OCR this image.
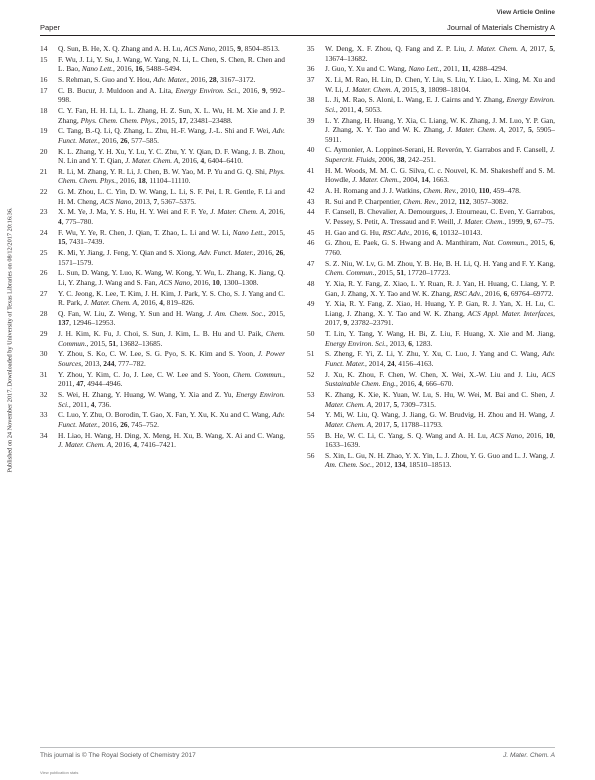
View Article Online
Paper	Journal of Materials Chemistry A
Published on 24 November 2017. Downloaded by University of Texas Libraries on 08/12/2017 20:16:36.
14	Q. Sun, B. He, X. Q. Zhang and A. H. Lu, ACS Nano, 2015, 9, 8504–8513.
15	F. Wu, J. Li, Y. Su, J. Wang, W. Yang, N. Li, L. Chen, S. Chen, R. Chen and L. Bao, Nano Lett., 2016, 16, 5488–5494.
16	S. Rehman, S. Guo and Y. Hou, Adv. Mater., 2016, 28, 3167–3172.
17	C. B. Bucur, J. Muldoon and A. Lita, Energy Environ. Sci., 2016, 9, 992–998.
18	C. Y. Fan, H. H. Li, L. L. Zhang, H. Z. Sun, X. L. Wu, H. M. Xie and J. P. Zhang, Phys. Chem. Chem. Phys., 2015, 17, 23481–23488.
19	C. Tang, B.-Q. Li, Q. Zhang, L. Zhu, H.-F. Wang, J.-L. Shi and F. Wei, Adv. Funct. Mater., 2016, 26, 577–585.
20	K. L. Zhang, Y. H. Xu, Y. Lu, Y. C. Zhu, Y. Y. Qian, D. F. Wang, J. B. Zhou, N. Lin and Y. T. Qian, J. Mater. Chem. A, 2016, 4, 6404–6410.
21	R. Li, M. Zhang, Y. R. Li, J. Chen, B. W. Yao, M. P. Yu and G. Q. Shi, Phys. Chem. Chem. Phys., 2016, 18, 11104–11110.
22	G. M. Zhou, L. C. Yin, D. W. Wang, L. Li, S. F. Pei, I. R. Gentle, F. Li and H. M. Cheng, ACS Nano, 2013, 7, 5367–5375.
23	X. M. Ye, J. Ma, Y. S. Hu, H. Y. Wei and F. F. Ye, J. Mater. Chem. A, 2016, 4, 775–780.
24	F. Wu, Y. Ye, R. Chen, J. Qian, T. Zhao, L. Li and W. Li, Nano Lett., 2015, 15, 7431–7439.
25	K. Mi, Y. Jiang, J. Feng, Y. Qian and S. Xiong, Adv. Funct. Mater., 2016, 26, 1571–1579.
26	L. Sun, D. Wang, Y. Luo, K. Wang, W. Kong, Y. Wu, L. Zhang, K. Jiang, Q. Li, Y. Zhang, J. Wang and S. Fan, ACS Nano, 2016, 10, 1300–1308.
27	Y. C. Jeong, K. Lee, T. Kim, J. H. Kim, J. Park, Y. S. Cho, S. J. Yang and C. R. Park, J. Mater. Chem. A, 2016, 4, 819–826.
28	Q. Fan, W. Liu, Z. Weng, Y. Sun and H. Wang, J. Am. Chem. Soc., 2015, 137, 12946–12953.
29	J. H. Kim, K. Fu, J. Choi, S. Sun, J. Kim, L. B. Hu and U. Paik, Chem. Commun., 2015, 51, 13682–13685.
30	Y. Zhou, S. Ko, C. W. Lee, S. G. Pyo, S. K. Kim and S. Yoon, J. Power Sources, 2013, 244, 777–782.
31	Y. Zhou, Y. Kim, C. Jo, J. Lee, C. W. Lee and S. Yoon, Chem. Commun., 2011, 47, 4944–4946.
32	S. Wei, H. Zhang, Y. Huang, W. Wang, Y. Xia and Z. Yu, Energy Environ. Sci., 2011, 4, 736.
33	C. Luo, Y. Zhu, O. Borodin, T. Gao, X. Fan, Y. Xu, K. Xu and C. Wang, Adv. Funct. Mater., 2016, 26, 745–752.
34	H. Liao, H. Wang, H. Ding, X. Meng, H. Xu, B. Wang, X. Ai and C. Wang, J. Mater. Chem. A, 2016, 4, 7416–7421.
35	W. Deng, X. F. Zhou, Q. Fang and Z. P. Liu, J. Mater. Chem. A, 2017, 5, 13674–13682.
36	J. Guo, Y. Xu and C. Wang, Nano Lett., 2011, 11, 4288–4294.
37	X. Li, M. Rao, H. Lin, D. Chen, Y. Liu, S. Liu, Y. Liao, L. Xing, M. Xu and W. Li, J. Mater. Chem. A, 2015, 3, 18098–18104.
38	L. Ji, M. Rao, S. Aloni, L. Wang, E. J. Cairns and Y. Zhang, Energy Environ. Sci., 2011, 4, 5053.
39	L. Y. Zhang, H. Huang, Y. Xia, C. Liang, W. K. Zhang, J. M. Luo, Y. P. Gan, J. Zhang, X. Y. Tao and W. K. Zhang, J. Mater. Chem. A, 2017, 5, 5905–5911.
40	C. Aymonier, A. Loppinet-Serani, H. Reverón, Y. Garrabos and F. Cansell, J. Supercrit. Fluids, 2006, 38, 242–251.
41	H. M. Woods, M. M. C. G. Silva, C. c. Nouvel, K. M. Shakesheff and S. M. Howdle, J. Mater. Chem., 2004, 14, 1663.
42	A. H. Romang and J. J. Watkins, Chem. Rev., 2010, 110, 459–478.
43	R. Sui and P. Charpentier, Chem. Rev., 2012, 112, 3057–3082.
44	F. Cansell, B. Chevalier, A. Demourgues, J. Etourneau, C. Even, Y. Garrabos, V. Pessey, S. Petit, A. Tressaud and F. Weill, J. Mater. Chem., 1999, 9, 67–75.
45	H. Gao and G. Hu, RSC Adv., 2016, 6, 10132–10143.
46	G. Zhou, E. Paek, G. S. Hwang and A. Manthiram, Nat. Commun., 2015, 6, 7760.
47	S. Z. Niu, W. Lv, G. M. Zhou, Y. B. He, B. H. Li, Q. H. Yang and F. Y. Kang, Chem. Commun., 2015, 51, 17720–17723.
48	Y. Xia, R. Y. Fang, Z. Xiao, L. Y. Ruan, R. J. Yan, H. Huang, C. Liang, Y. P. Gan, J. Zhang, X. Y. Tao and W. K. Zhang, RSC Adv., 2016, 6, 69764–69772.
49	Y. Xia, R. Y. Fang, Z. Xiao, H. Huang, Y. P. Gan, R. J. Yan, X. H. Lu, C. Liang, J. Zhang, X. Y. Tao and W. K. Zhang, ACS Appl. Mater. Interfaces, 2017, 9, 23782–23791.
50	T. Lin, Y. Tang, Y. Wang, H. Bi, Z. Liu, F. Huang, X. Xie and M. Jiang, Energy Environ. Sci., 2013, 6, 1283.
51	S. Zheng, F. Yi, Z. Li, Y. Zhu, Y. Xu, C. Luo, J. Yang and C. Wang, Adv. Funct. Mater., 2014, 24, 4156–4163.
52	J. Xu, K. Zhou, F. Chen, W. Chen, X. Wei, X.-W. Liu and J. Liu, ACS Sustainable Chem. Eng., 2016, 4, 666–670.
53	K. Zhang, K. Xie, K. Yuan, W. Lu, S. Hu, W. Wei, M. Bai and C. Shen, J. Mater. Chem. A, 2017, 5, 7309–7315.
54	Y. Mi, W. Liu, Q. Wang, J. Jiang, G. W. Brudvig, H. Zhou and H. Wang, J. Mater. Chem. A, 2017, 5, 11788–11793.
55	B. He, W. C. Li, C. Yang, S. Q. Wang and A. H. Lu, ACS Nano, 2016, 10, 1633–1639.
56	S. Xin, L. Gu, N. H. Zhao, Y. X. Yin, L. J. Zhou, Y. G. Guo and L. J. Wang, J. Am. Chem. Soc., 2012, 134, 18510–18513.
This journal is © The Royal Society of Chemistry 2017	J. Mater. Chem. A
View publication stats
